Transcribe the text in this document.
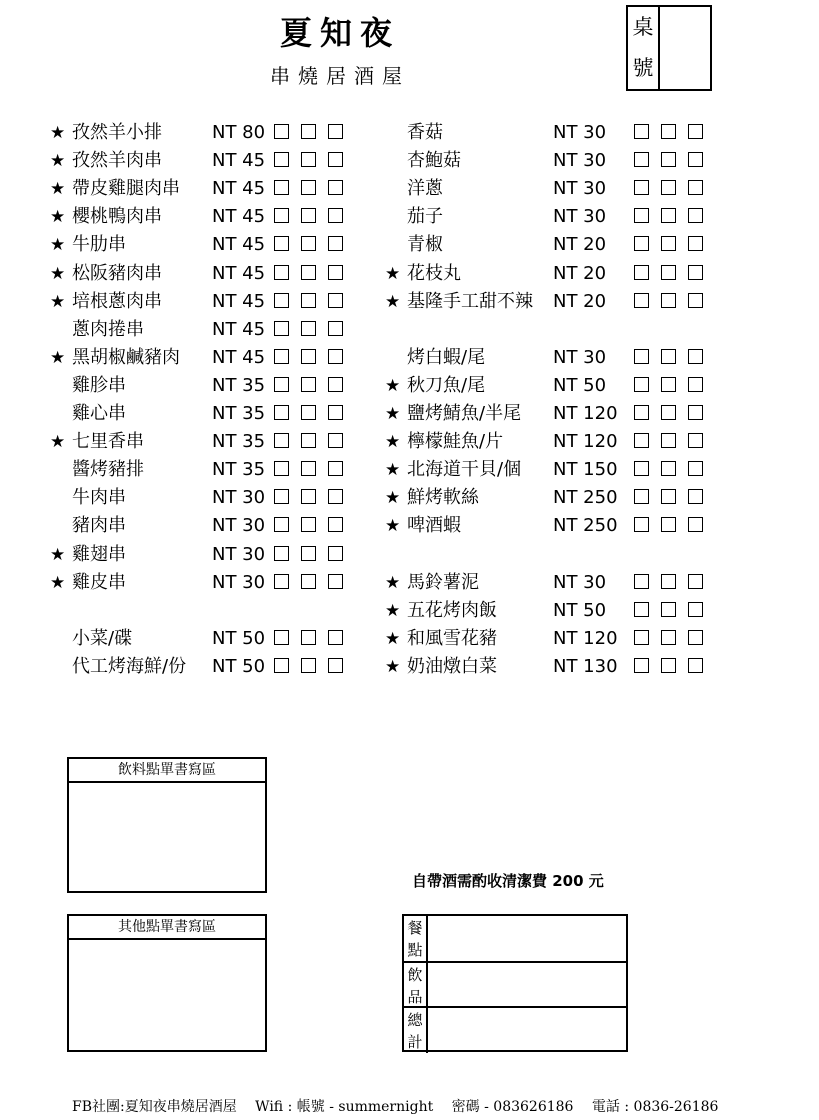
夏知夜
串燒居酒屋
桌
號
★ 孜然羊小排	NT 80
★ 孜然羊肉串	NT 45
★ 帶皮雞腿肉串 NT 45
★ 櫻桃鴨肉串	NT 45
★ 牛肋串	NT 45
★ 松阪豬肉串	NT 45
★ 培根蔥肉串	NT 45
蔥肉捲串	NT 45
★ 黑胡椒鹹豬肉 NT 45
雞胗串	NT 35
雞心串	NT 35
★ 七里香串	NT 35
醬烤豬排	NT 35
牛肉串	NT 30
豬肉串	NT 30
★ 雞翅串	NT 30
★ 雞皮串	NT 30
小菜/碟	NT 50
代工烤海鮮/份 NT 50
香菇	NT 30
杏鮑菇	NT 30
洋蔥	NT 30
茄子	NT 30
青椒	NT 20
★ 花枝丸	NT 20
★ 基隆手工甜不辣 NT 20
烤白蝦/尾	NT 30
★ 秋刀魚/尾	NT 50
★ 鹽烤鯖魚/半尾 NT 120
★ 檸檬鮭魚/片	NT 120
★ 北海道干貝/個 NT 150
★ 鮮烤軟絲	NT 250
★ 啤酒蝦	NT 250
★ 馬鈴薯泥	NT 30
★ 五花烤肉飯	NT 50
★ 和風雪花豬	NT 120
★ 奶油燉白菜	NT 130
飲料點單書寫區
其他點單書寫區
自帶酒需酌收清潔費 200 元
餐
點
飲
品
總
計
FB社團:夏知夜串燒居酒屋 Wifi : 帳號 - summernight 密碼 - 083626186 電話 : 0836-26186
